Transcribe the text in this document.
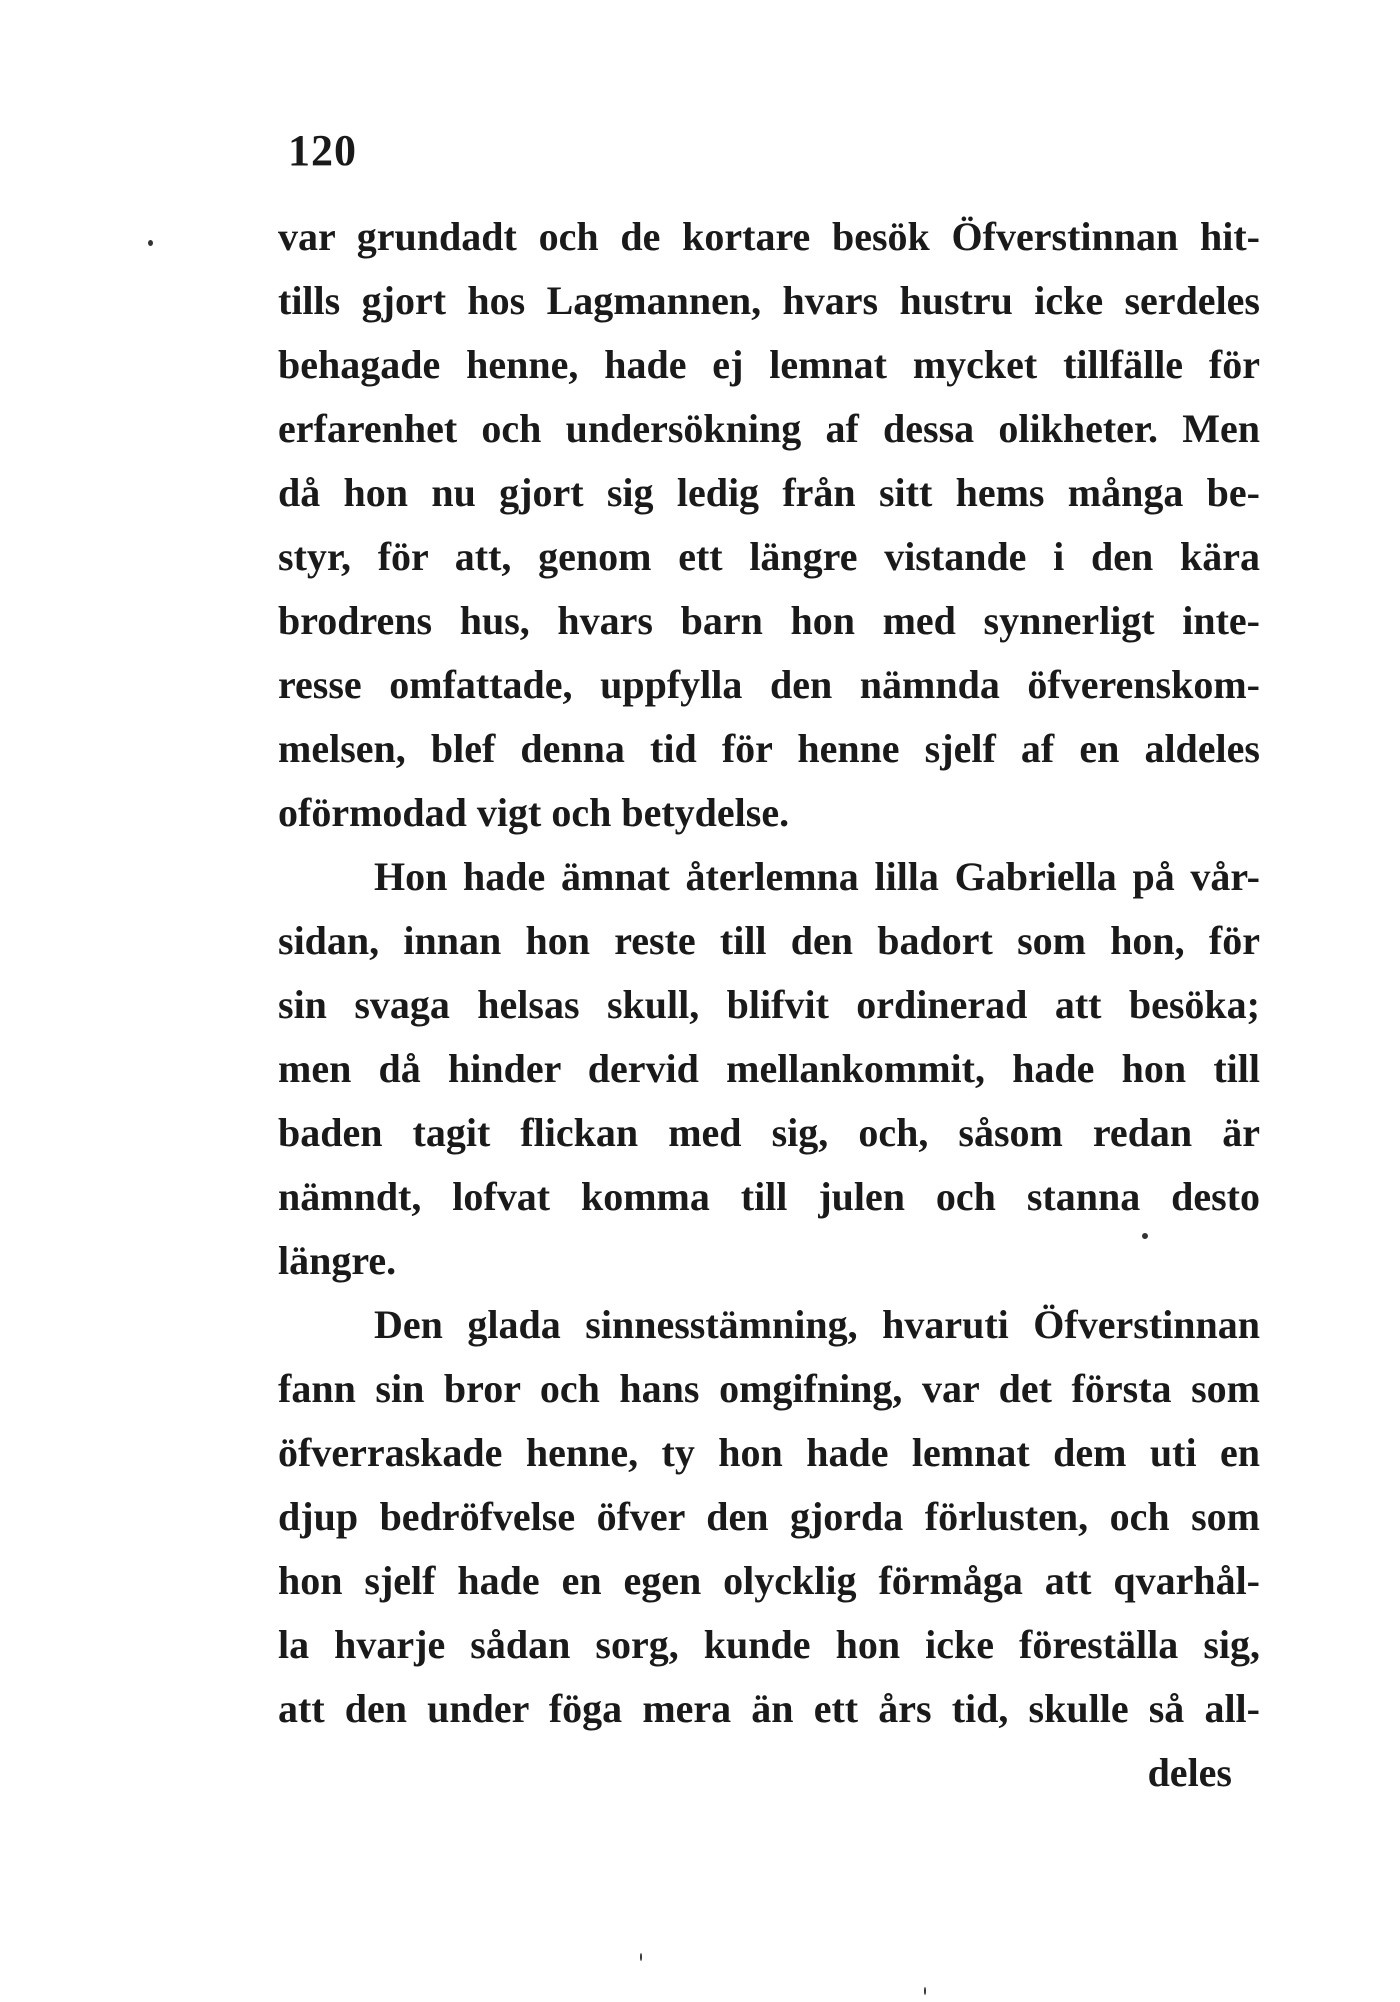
120
var grundadt och de kortare besök Öfverstinnan hit-
tills gjort hos Lagmannen, hvars hustru icke serdeles
behagade henne, hade ej lemnat mycket tillfälle för
erfarenhet och undersökning af dessa olikheter. Men
då hon nu gjort sig ledig från sitt hems många be-
styr, för att, genom ett längre vistande i den kära
brodrens hus, hvars barn hon med synnerligt inte-
resse omfattade, uppfylla den nämnda öfverenskom-
melsen, blef denna tid för henne sjelf af en aldeles
oförmodad vigt och betydelse.
Hon hade ämnat återlemna lilla Gabriella på vår-
sidan, innan hon reste till den badort som hon, för
sin svaga helsas skull, blifvit ordinerad att besöka;
men då hinder dervid mellankommit, hade hon till
baden tagit flickan med sig, och, såsom redan är
nämndt, lofvat komma till julen och stanna desto
längre.
Den glada sinnesstämning, hvaruti Öfverstinnan
fann sin bror och hans omgifning, var det första som
öfverraskade henne, ty hon hade lemnat dem uti en
djup bedröfvelse öfver den gjorda förlusten, och som
hon sjelf hade en egen olycklig förmåga att qvarhål-
la hvarje sådan sorg, kunde hon icke föreställa sig,
att den under föga mera än ett års tid, skulle så all-
deles
